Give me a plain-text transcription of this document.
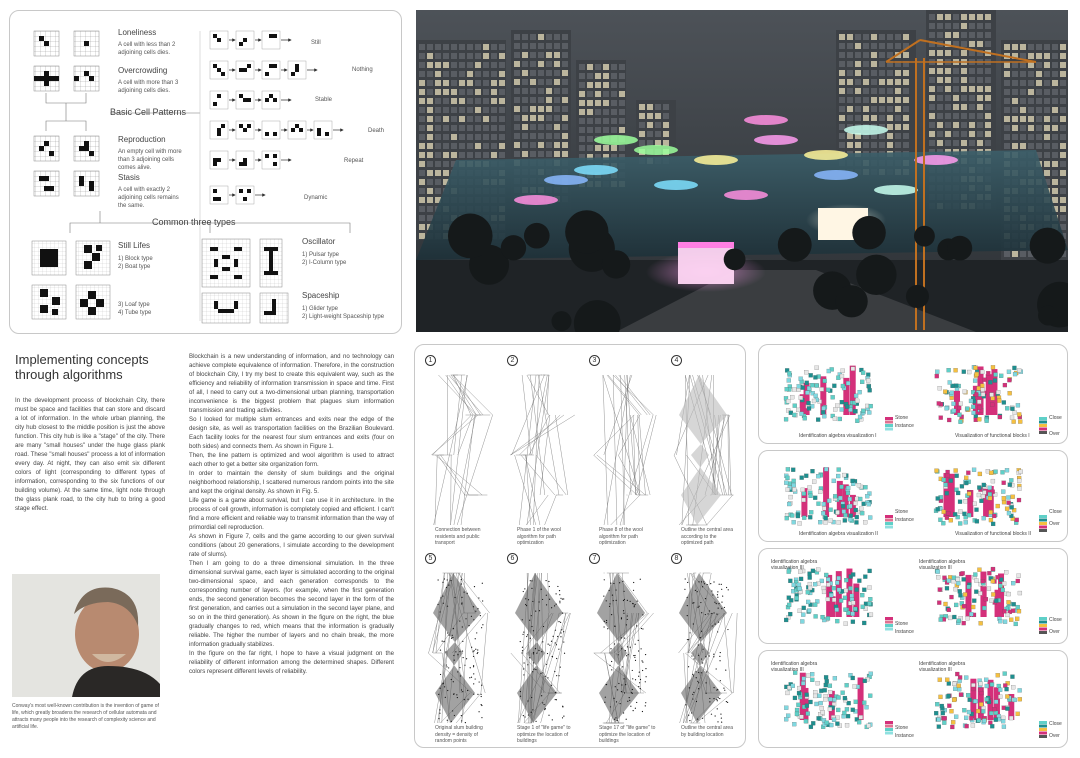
Loneliness
A cell with less than 2 adjoining cells dies.
Overcrowding
A cell with more than 3 adjoining cells dies.
Basic Cell Patterns
Reproduction
An empty cell with more than 3 adjoining cells comes alive.
Stasis
A cell with exactly 2 adjoining cells remains the same.
Still
Nothing
Stable
Death
Repeat
Dynamic
Common three types
Still Lifes
1) Block type
2) Boat type
3) Loaf type
4) Tube type
Oscillator
1) Pulsar type
2) I-Column type
Spaceship
1) Glider type
2) Light-weight Spaceship type
Implementing concepts through algorithms

In the development process of blockchain City, there must be space and facilities that can store and discard a lot of information. In the whole urban planning, the city hub closest to the middle position is just the above function. This city hub is like a "stage" of the city. There are many "small houses" under the huge glass plank road. These "small houses" process a lot of information every day. At night, they can also emit six different colors of light (corresponding to different types of information, corresponding to the six functions of our building volume). At the same time, light note through the glass plank road, to the city hub to bring a good stage effect.

Conway's most well-known contribution is the invention of game of life, which greatly broadens the research of cellular automata and attracts many people into the research of complexity science and artificial life.

Blockchain is a new understanding of information, and no technology can achieve complete equivalence of information. Therefore, in the construction of blockchain City, I try my best to create this equivalent way, such as the efficiency and reliability of information transmission in space and time. First of all, I need to carry out a two-dimensional urban planning, transportation inconvenience is the biggest problem that plagues slum information transmission and trading activities.

So I looked for multiple slum entrances and exits near the edge of the design site, as well as transportation facilities on the Brazilian Boulevard. Each facility looks for the nearest four slum entrances and exits (four on both sides) and connects them. As shown in Figure 1.

Then, the line pattern is optimized and wool algorithm is used to attract each other to get a better site organization form.

In order to maintain the density of slum buildings and the original neighborhood relationship, I scattered numerous random points into the site and kept the original density. As shown in Fig. 5.

Life game is a game about survival, but I can use it in architecture. In the process of cell growth, information is completely copied and efficient. I can't find a more efficient and reliable way to transmit information than the way of primordial cell reproduction.

As shown in Figure 7, cells and the game according to our given survival conditions (about 20 generations, I simulate according to the development rate of slums).

Then I am going to do a three dimensional simulation. In the three dimensional survival game, each layer is simulated according to the original two-dimensional space, and each generation corresponds to the corresponding number of layers. (for example, when the first generation ends, the second generation becomes the second layer in the form of the first generation, and carries out a simulation in the second layer plane, and so on in the third generation). As shown in the figure on the right, the blue gradually changes to red, which means that the information is gradually reliable. The higher the number of layers and no chain break, the more information gradually stabilizes.

In the figure on the far right, I hope to have a visual judgment on the reliability of different information among the determined shapes. Different colors represent different levels of reliability.

1
Connection between residents and public transport
2
Phase 1 of the wool algorithm for path optimization
3
Phase 8 of the wool algorithm for path optimization
4
Outline the central area according to the optimized path
5
Original slum building density = density of random points
6
Stage 1 of "life game" to optimize the location of buildings
7
Stage 17 of "life game" to optimize the location of buildings
8
Outline the central area by building location
Identification algebra visualization I	Visualization of functional blocks I
Stone
Instance
Close
Over
Identification algebra visualization II	Visualization of functional blocks II
Stone
Instance
Close
Over
Identification algebra visualization III
Identification algebra visualization III
Stone
Instance
Close
Over
Identification algebra visualization III
Identification algebra visualization III
Stone
Instance
Close
Over
